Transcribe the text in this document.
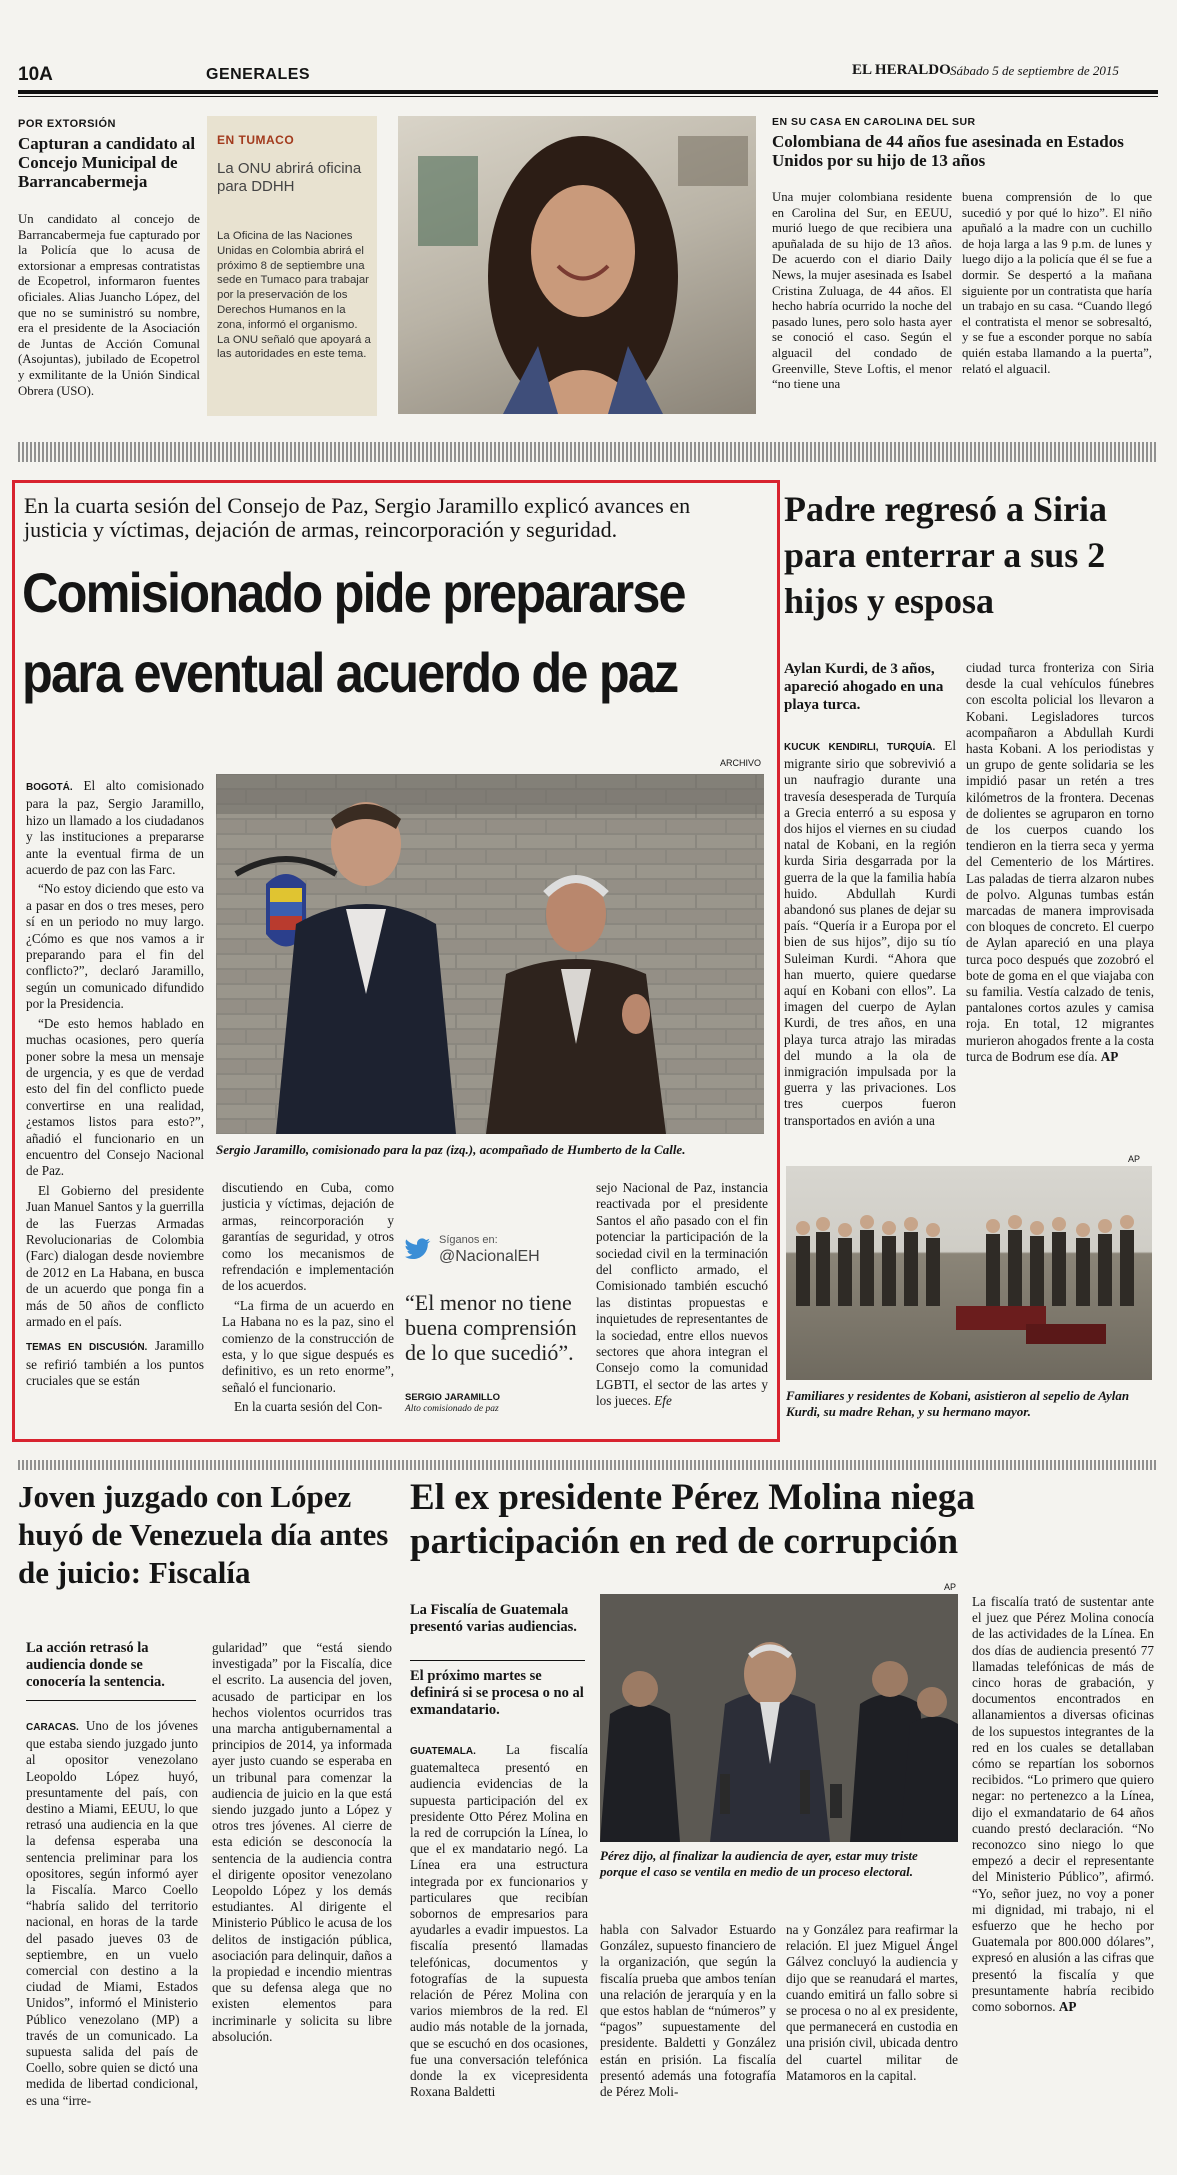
10A	GENERALES	EL HERALDO Sábado 5 de septiembre de 2015
POR EXTORSIÓN
Capturan a candidato al Concejo Municipal de Barrancabermeja

Un candidato al concejo de Barrancabermeja fue capturado por la Policía que lo acusa de extorsionar a empresas contratistas de Ecopetrol, informaron fuentes oficiales. Alias Juancho López, del que no se suministró su nombre, era el presidente de la Asociación de Juntas de Acción Comunal (Asojuntas), jubilado de Ecopetrol y exmilitante de la Unión Sindical Obrera (USO).

EN TUMACO
La ONU abrirá oficina para DDHH
La Oficina de las Naciones Unidas en Colombia abrirá el próximo 8 de septiembre una sede en Tumaco para trabajar por la preservación de los Derechos Humanos en la zona, informó el organismo. La ONU señaló que apoyará a las autoridades en este tema.
EN SU CASA EN CAROLINA DEL SUR
Colombiana de 44 años fue asesinada en Estados Unidos por su hijo de 13 años

Una mujer colombiana residente en Carolina del Sur, en EEUU, murió luego de que recibiera una apuñalada de su hijo de 13 años. De acuerdo con el diario Daily News, la mujer asesinada es Isabel Cristina Zuluaga, de 44 años. El hecho habría ocurrido la noche del pasado lunes, pero solo hasta ayer se conoció el caso. Según el alguacil del condado de Greenville, Steve Loftis, el menor “no tiene una

buena comprensión de lo que sucedió y por qué lo hizo”. El niño apuñaló a la madre con un cuchillo de hoja larga a las 9 p.m. de lunes y luego dijo a la policía que él se fue a dormir. Se despertó a la mañana siguiente por un contratista que haría un trabajo en su casa. “Cuando llegó el contratista el menor se sobresaltó, y se fue a esconder porque no sabía quién estaba llamando a la puerta”, relató el alguacil.

En la cuarta sesión del Consejo de Paz, Sergio Jaramillo explicó avances en justicia y víctimas, dejación de armas, reincorporación y seguridad.
Comisionado pide prepararse
para eventual acuerdo de paz
ARCHIVO
Sergio Jaramillo, comisionado para la paz (izq.), acompañado de Humberto de la Calle.

BOGOTÁ. El alto comisionado para la paz, Sergio Jaramillo, hizo un llamado a los ciudadanos y las instituciones a prepararse ante la eventual firma de un acuerdo de paz con las Farc.

“No estoy diciendo que esto va a pasar en dos o tres meses, pero sí en un periodo no muy largo. ¿Cómo es que nos vamos a ir preparando para el fin del conflicto?”, declaró Jaramillo, según un comunicado difundido por la Presidencia.

“De esto hemos hablado en muchas ocasiones, pero quería poner sobre la mesa un mensaje de urgencia, y es que de verdad esto del fin del conflicto puede convertirse en una realidad, ¿estamos listos para esto?”, añadió el funcionario en un encuentro del Consejo Nacional de Paz.

El Gobierno del presidente Juan Manuel Santos y la guerrilla de las Fuerzas Armadas Revolucionarias de Colombia (Farc) dialogan desde noviembre de 2012 en La Habana, en busca de un acuerdo que ponga fin a más de 50 años de conflicto armado en el país.

TEMAS EN DISCUSIÓN. Jaramillo se refirió también a los puntos cruciales que se están

discutiendo en Cuba, como justicia y víctimas, dejación de armas, reincorporación y garantías de seguridad, y otros como los mecanismos de refrendación e implementación de los acuerdos.

“La firma de un acuerdo en La Habana no es la paz, sino el comienzo de la construcción de esta, y lo que sigue después es definitivo, es un reto enorme”, señaló el funcionario.

En la cuarta sesión del Con-

Síganos en:
@NacionalEH
“El menor no tiene buena comprensión de lo que sucedió”.
SERGIO JARAMILLO
Alto comisionado de paz

sejo Nacional de Paz, instancia reactivada por el presidente Santos el año pasado con el fin potenciar la participación de la sociedad civil en la terminación del conflicto armado, el Comisionado también escuchó las distintas propuestas e inquietudes de representantes de la sociedad, entre ellos nuevos sectores que ahora integran el Consejo como la comunidad LGBTI, el sector de las artes y los jueces. Efe

Padre regresó a Siria para enterrar a sus 2 hijos y esposa
Aylan Kurdi, de 3 años, apareció ahogado en una playa turca.

KUCUK KENDIRLI, TURQUÍA. El migrante sirio que sobrevivió a un naufragio durante una travesía desesperada de Turquía a Grecia enterró a su esposa y dos hijos el viernes en su ciudad natal de Kobani, en la región kurda Siria desgarrada por la guerra de la que la familia había huido. Abdullah Kurdi abandonó sus planes de dejar su país. “Quería ir a Europa por el bien de sus hijos”, dijo su tío Suleiman Kurdi. “Ahora que han muerto, quiere quedarse aquí en Kobani con ellos”. La imagen del cuerpo de Aylan Kurdi, de tres años, en una playa turca atrajo las miradas del mundo a la ola de inmigración impulsada por la guerra y las privaciones. Los tres cuerpos fueron transportados en avión a una

ciudad turca fronteriza con Siria desde la cual vehículos fúnebres con escolta policial los llevaron a Kobani. Legisladores turcos acompañaron a Abdullah Kurdi hasta Kobani. A los periodistas y un grupo de gente solidaria se les impidió pasar un retén a tres kilómetros de la frontera. Decenas de dolientes se agruparon en torno de los cuerpos cuando los tendieron en la tierra seca y yerma del Cementerio de los Mártires. Las paladas de tierra alzaron nubes de polvo. Algunas tumbas están marcadas de manera improvisada con bloques de concreto. El cuerpo de Aylan apareció en una playa turca poco después que zozobró el bote de goma en el que viajaba con su familia. Vestía calzado de tenis, pantalones cortos azules y camisa roja. En total, 12 migrantes murieron ahogados frente a la costa turca de Bodrum ese día. AP

AP
Familiares y residentes de Kobani, asistieron al sepelio de Aylan Kurdi, su madre Rehan, y su hermano mayor.
Joven juzgado con López huyó de Venezuela día antes de juicio: Fiscalía
La acción retrasó la audiencia donde se conocería la sentencia.

CARACAS. Uno de los jóvenes que estaba siendo juzgado junto al opositor venezolano Leopoldo López huyó, presuntamente del país, con destino a Miami, EEUU, lo que retrasó una audiencia en la que la defensa esperaba una sentencia preliminar para los opositores, según informó ayer la Fiscalía. Marco Coello “habría salido del territorio nacional, en horas de la tarde del pasado jueves 03 de septiembre, en un vuelo comercial con destino a la ciudad de Miami, Estados Unidos”, informó el Ministerio Público venezolano (MP) a través de un comunicado. La supuesta salida del país de Coello, sobre quien se dictó una medida de libertad condicional, es una “irre-

gularidad” que “está siendo investigada” por la Fiscalía, dice el escrito. La ausencia del joven, acusado de participar en los hechos violentos ocurridos tras una marcha antigubernamental a principios de 2014, ya informada ayer justo cuando se esperaba en un tribunal para comenzar la audiencia de juicio en la que está siendo juzgado junto a López y otros tres jóvenes. Al cierre de esta edición se desconocía la sentencia de la audiencia contra el dirigente opositor venezolano Leopoldo López y los demás estudiantes. Al dirigente el Ministerio Público le acusa de los delitos de instigación pública, asociación para delinquir, daños a la propiedad e incendio mientras que su defensa alega que no existen elementos para incriminarle y solicita su libre absolución.

El ex presidente Pérez Molina niega participación en red de corrupción
La Fiscalía de Guatemala presentó varias audiencias.
El próximo martes se definirá si se procesa o no al exmandatario.

GUATEMALA. La fiscalía guatemalteca presentó en audiencia evidencias de la supuesta participación del ex presidente Otto Pérez Molina en la red de corrupción la Línea, lo que el ex mandatario negó. La Línea era una estructura integrada por ex funcionarios y particulares que recibían sobornos de empresarios para ayudarles a evadir impuestos. La fiscalía presentó llamadas telefónicas, documentos y fotografías de la supuesta relación de Pérez Molina con varios miembros de la red. El audio más notable de la jornada, que se escuchó en dos ocasiones, fue una conversación telefónica donde la ex vicepresidenta Roxana Baldetti

AP
Pérez dijo, al finalizar la audiencia de ayer, estar muy triste porque el caso se ventila en medio de un proceso electoral.

habla con Salvador Estuardo González, supuesto financiero de la organización, que según la fiscalía prueba que ambos tenían una relación de jerarquía y en la que estos hablan de “números” y “pagos” supuestamente del presidente. Baldetti y González están en prisión. La fiscalía presentó además una fotografía de Pérez Moli-

na y González para reafirmar la relación. El juez Miguel Ángel Gálvez concluyó la audiencia y dijo que se reanudará el martes, cuando emitirá un fallo sobre si se procesa o no al ex presidente, que permanecerá en custodia en una prisión civil, ubicada dentro del cuartel militar de Matamoros en la capital.

La fiscalía trató de sustentar ante el juez que Pérez Molina conocía de las actividades de la Línea. En dos días de audiencia presentó 77 llamadas telefónicas de más de cinco horas de grabación, y documentos encontrados en allanamientos a diversas oficinas de los supuestos integrantes de la red en los cuales se detallaban cómo se repartían los sobornos recibidos. “Lo primero que quiero negar: no pertenezco a la Línea, dijo el exmandatario de 64 años cuando prestó declaración. “No reconozco sino niego lo que empezó a decir el representante del Ministerio Público”, afirmó. “Yo, señor juez, no voy a poner mi dignidad, mi trabajo, ni el esfuerzo que he hecho por Guatemala por 800.000 dólares”, expresó en alusión a las cifras que presentó la fiscalía y que presuntamente habría recibido como sobornos. AP
